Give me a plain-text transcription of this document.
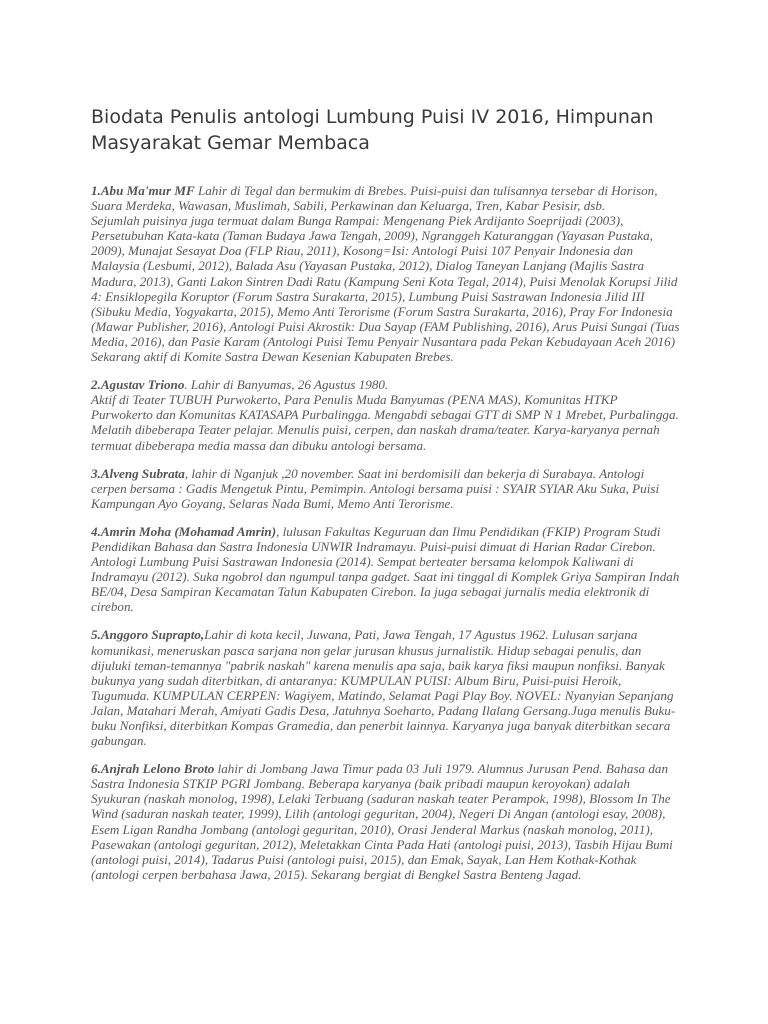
Biodata Penulis antologi Lumbung Puisi IV 2016, Himpunan Masyarakat Gemar Membaca

1.Abu Ma'mur MF Lahir di Tegal dan bermukim di Brebes. Puisi-puisi dan tulisannya tersebar di Horison, Suara Merdeka, Wawasan, Muslimah, Sabili, Perkawinan dan Keluarga, Tren, Kabar Pesisir, dsb.

Sejumlah puisinya juga termuat dalam Bunga Rampai: Mengenang Piek Ardijanto Soeprijadi (2003), Persetubuhan Kata-kata (Taman Budaya Jawa Tengah, 2009), Ngranggeh Katuranggan (Yayasan Pustaka, 2009), Munajat Sesayat Doa (FLP Riau, 2011), Kosong=Isi: Antologi Puisi 107 Penyair Indonesia dan Malaysia (Lesbumi, 2012), Balada Asu (Yayasan Pustaka, 2012), Dialog Taneyan Lanjang (Majlis Sastra Madura, 2013), Ganti Lakon Sintren Dadi Ratu (Kampung Seni Kota Tegal, 2014), Puisi Menolak Korupsi Jilid 4: Ensiklopegila Koruptor (Forum Sastra Surakarta, 2015), Lumbung Puisi Sastrawan Indonesia Jilid III (Sibuku Media, Yogyakarta, 2015), Memo Anti Terorisme (Forum Sastra Surakarta, 2016), Pray For Indonesia (Mawar Publisher, 2016), Antologi Puisi Akrostik: Dua Sayap (FAM Publishing, 2016), Arus Puisi Sungai (Tuas Media, 2016), dan Pasie Karam (Antologi Puisi Temu Penyair Nusantara pada Pekan Kebudayaan Aceh 2016) Sekarang aktif di Komite Sastra Dewan Kesenian Kabupaten Brebes.

2.Agustav Triono. Lahir di Banyumas, 26 Agustus 1980.

Aktif di Teater TUBUH Purwokerto, Para Penulis Muda Banyumas (PENA MAS), Komunitas HTKP Purwokerto dan Komunitas KATASAPA Purbalingga. Mengabdi sebagai GTT di SMP N 1 Mrebet, Purbalingga. Melatih dibeberapa Teater pelajar. Menulis puisi, cerpen, dan naskah drama/teater. Karya-karyanya pernah termuat dibeberapa media massa dan dibuku antologi bersama.

3.Alveng Subrata, lahir di Nganjuk ,20 november. Saat ini berdomisili dan bekerja di Surabaya. Antologi cerpen bersama : Gadis Mengetuk Pintu, Pemimpin. Antologi bersama puisi : SYAIR SYIAR Aku Suka, Puisi Kampungan Ayo Goyang, Selaras Nada Bumi, Memo Anti Terorisme.

4.Amrin Moha (Mohamad Amrin), lulusan Fakultas Keguruan dan Ilmu Pendidikan (FKIP) Program Studi Pendidikan Bahasa dan Sastra Indonesia UNWIR Indramayu. Puisi-puisi dimuat di Harian Radar Cirebon. Antologi Lumbung Puisi Sastrawan Indonesia (2014). Sempat berteater bersama kelompok Kaliwani di Indramayu (2012). Suka ngobrol dan ngumpul tanpa gadget. Saat ini tinggal di Komplek Griya Sampiran Indah BE/04, Desa Sampiran Kecamatan Talun Kabupaten Cirebon. Ia juga sebagai jurnalis media elektronik di cirebon.

5.Anggoro Suprapto,Lahir di kota kecil, Juwana, Pati, Jawa Tengah, 17 Agustus 1962. Lulusan sarjana komunikasi, meneruskan pasca sarjana non gelar jurusan khusus jurnalistik. Hidup sebagai penulis, dan dijuluki teman-temannya "pabrik naskah" karena menulis apa saja, baik karya fiksi maupun nonfiksi. Banyak bukunya yang sudah diterbitkan, di antaranya: KUMPULAN PUISI: Album Biru, Puisi-puisi Heroik, Tugumuda. KUMPULAN CERPEN: Wagiyem, Matindo, Selamat Pagi Play Boy. NOVEL: Nyanyian Sepanjang Jalan, Matahari Merah, Amiyati Gadis Desa, Jatuhnya Soeharto, Padang Ilalang Gersang.Juga menulis Buku-buku Nonfiksi, diterbitkan Kompas Gramedia, dan penerbit lainnya. Karyanya juga banyak diterbitkan secara gabungan.

6.Anjrah Lelono Broto lahir di Jombang Jawa Timur pada 03 Juli 1979. Alumnus Jurusan Pend. Bahasa dan Sastra Indonesia STKIP PGRI Jombang. Beberapa karyanya (baik pribadi maupun keroyokan) adalah Syukuran (naskah monolog, 1998), Lelaki Terbuang (saduran naskah teater Perampok, 1998), Blossom In The Wind (saduran naskah teater, 1999), Lilih (antologi geguritan, 2004), Negeri Di Angan (antologi esay, 2008), Esem Ligan Randha Jombang (antologi geguritan, 2010), Orasi Jenderal Markus (naskah monolog, 2011), Pasewakan (antologi geguritan, 2012), Meletakkan Cinta Pada Hati (antologi puisi, 2013), Tasbih Hijau Bumi (antologi puisi, 2014), Tadarus Puisi (antologi puisi, 2015), dan Emak, Sayak, Lan Hem Kothak-Kothak (antologi cerpen berbahasa Jawa, 2015). Sekarang bergiat di Bengkel Sastra Benteng Jagad.
